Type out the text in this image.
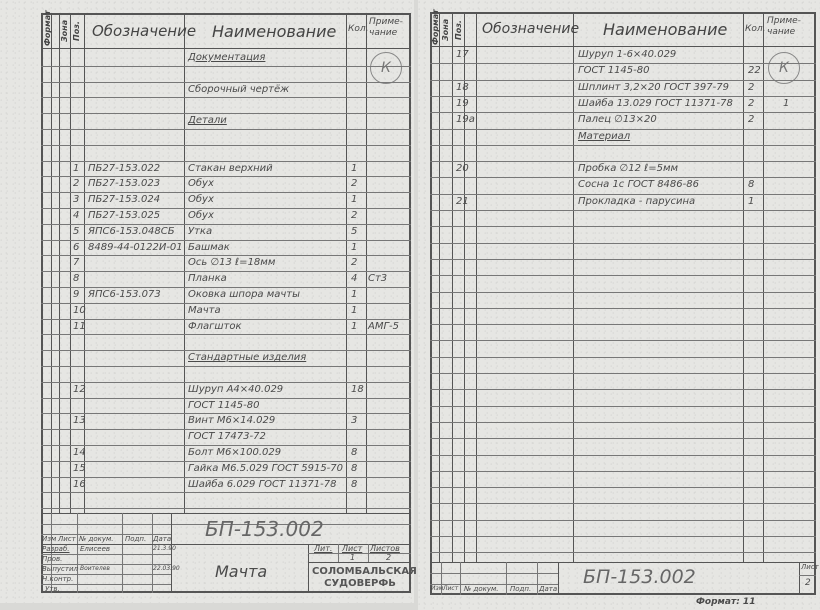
Формат Зона Поз. Обозначение Наименование Кол.
Приме-
чание
К
Документация
Сборочный чертёж
Детали
1 ПБ27-153.022	Стакан верхний	1
2 ПБ27-153.023	Обух	2
3 ПБ27-153.024	Обух	1
4 ПБ27-153.025	Обух	2
5 ЯПС6-153.048СБ Утка	5
6 8489-44-0122И-01 Башмак	1
7	Ось ∅13 ℓ=18мм	2
8	Планка	4 Ст3
9 ЯПС6-153.073	Оковка шпора мачты	1
10	Мачта	1
11	Флагшток	1 АМГ-5
Стандартные изделия
12	Шуруп А4×40.029	18
ГОСТ 1145-80
13	Винт М6×14.029	3
ГОСТ 17473-72
14	Болт М6×100.029	8
15	Гайка М6.5.029 ГОСТ 5915-70 8
16	Шайба 6.029 ГОСТ 11371-78 8
Изм Лист № докум. Подп. Дата
Разраб. Елисеев	21.3.90
Пров.
Выпустил Воителев	22.03.90
Н.контр.
Утв.
БП-153.002
Мачта
Лит. Лист Листов
1	2
СОЛОМБАЛЬСКАЯ
СУДОВЕРФЬ
Формат Зона Поз. Обозначение Наименование Кол.
Приме-
чание
К
17	Шуруп 1-6×40.029
ГОСТ 1145-80	22
18	Шплинт 3,2×20 ГОСТ 397-79 2
19	Шайба 13.029 ГОСТ 11371-78 2	1
19а	Палец ∅13×20	2
Материал
20	Пробка ∅12 ℓ=5мм
Сосна 1с ГОСТ 8486-86	8
21	Прокладка - парусина	1
Изм Лист № докум. Подп. Дата
БП-153.002	Лист
2
Формат: 11
